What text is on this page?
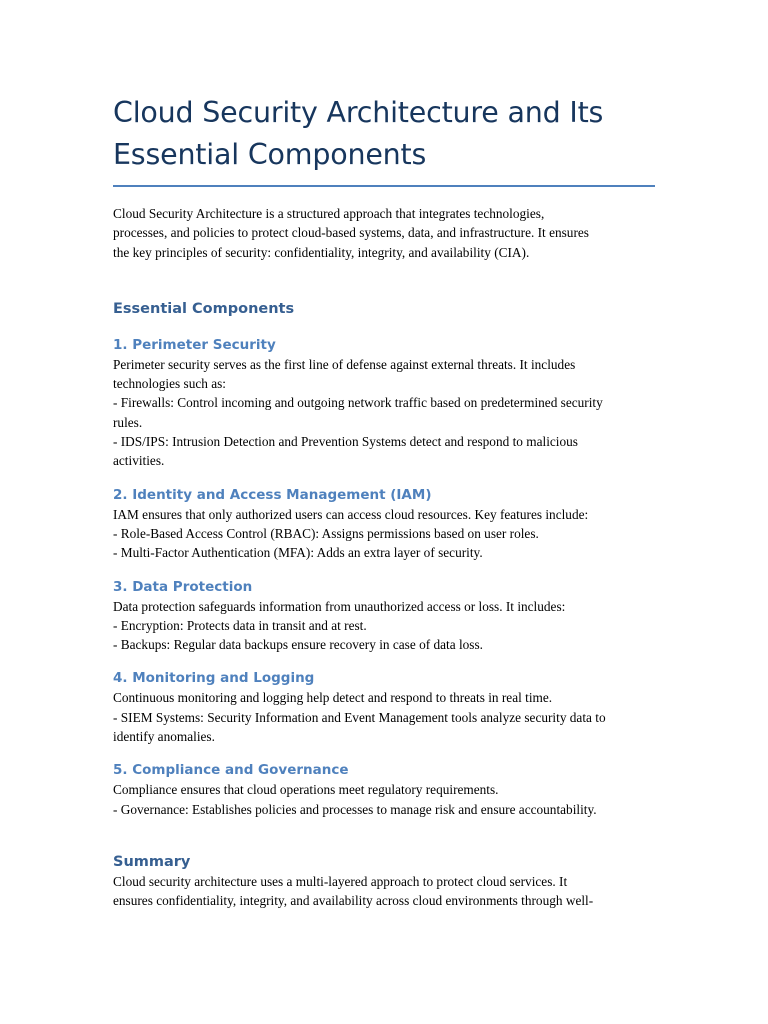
Cloud Security Architecture and Its Essential Components

Cloud Security Architecture is a structured approach that integrates technologies,
processes, and policies to protect cloud-based systems, data, and infrastructure. It ensures
the key principles of security: confidentiality, integrity, and availability (CIA).

Essential Components
1. Perimeter Security

Perimeter security serves as the first line of defense against external threats. It includes
technologies such as:
- Firewalls: Control incoming and outgoing network traffic based on predetermined security
rules.
- IDS/IPS: Intrusion Detection and Prevention Systems detect and respond to malicious
activities.

2. Identity and Access Management (IAM)

IAM ensures that only authorized users can access cloud resources. Key features include:
- Role-Based Access Control (RBAC): Assigns permissions based on user roles.
- Multi-Factor Authentication (MFA): Adds an extra layer of security.

3. Data Protection

Data protection safeguards information from unauthorized access or loss. It includes:
- Encryption: Protects data in transit and at rest.
- Backups: Regular data backups ensure recovery in case of data loss.

4. Monitoring and Logging

Continuous monitoring and logging help detect and respond to threats in real time.
- SIEM Systems: Security Information and Event Management tools analyze security data to
identify anomalies.

5. Compliance and Governance

Compliance ensures that cloud operations meet regulatory requirements.
- Governance: Establishes policies and processes to manage risk and ensure accountability.

Summary

Cloud security architecture uses a multi-layered approach to protect cloud services. It
ensures confidentiality, integrity, and availability across cloud environments through well-
